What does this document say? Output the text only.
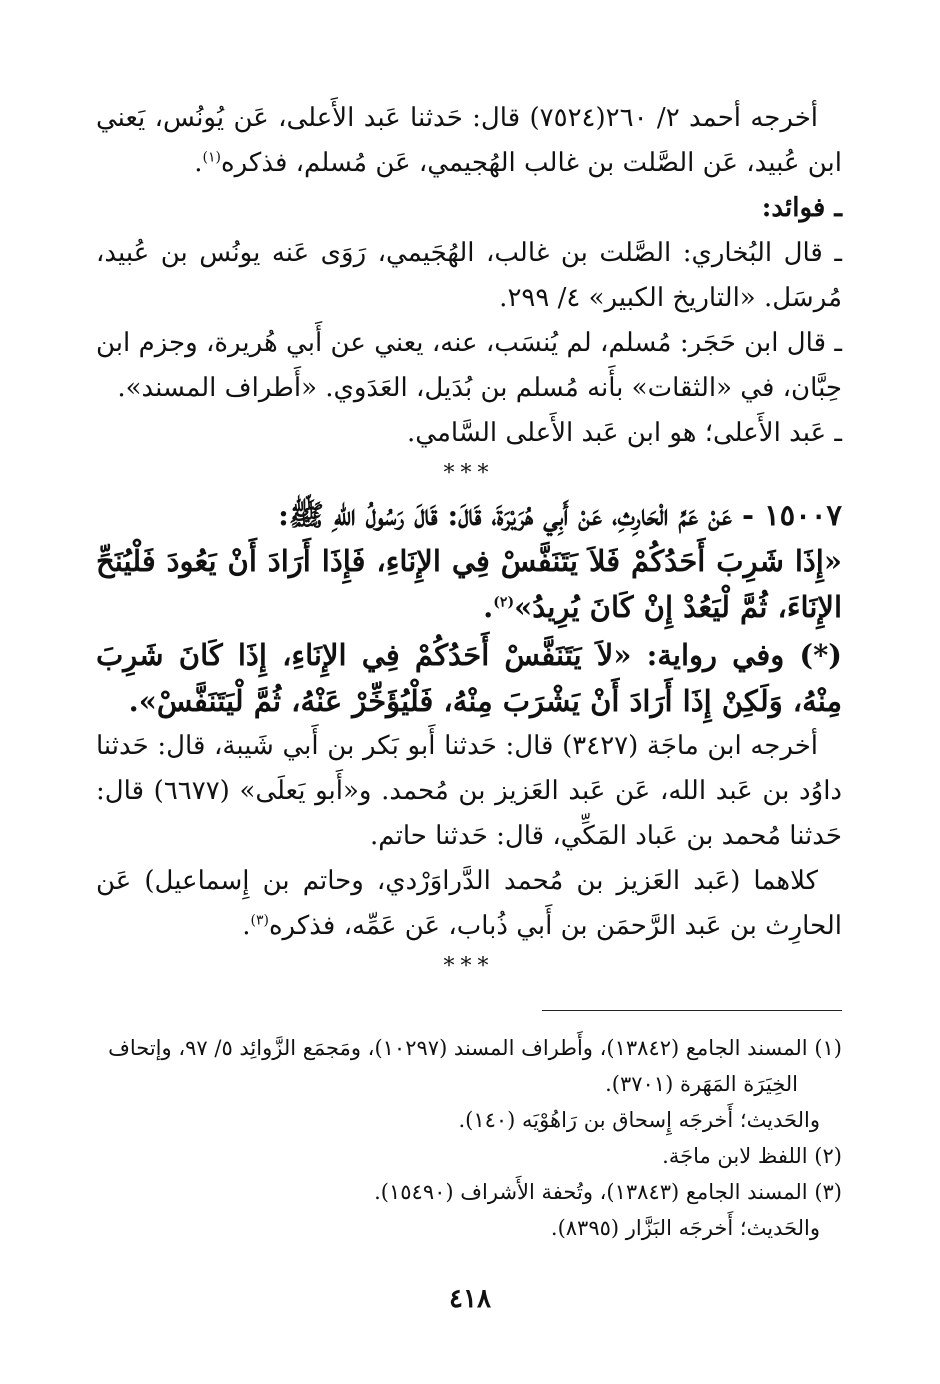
أخرجه أحمد ٢/ ٢٦٠(٧٥٢٤) قال: حَدثنا عَبد الأَعلى، عَن يُونُس، يَعني ابن عُبيد، عَن الصَّلت بن غالب الهُجيمي، عَن مُسلم، فذكره$^{(١)}$.

ـ فوائد:

ـ قال البُخاري: الصَّلت بن غالب، الهُجَيمي، رَوَى عَنه يونُس بن عُبيد، مُرسَل. «التاريخ الكبير» ٤/ ٢٩٩.

ـ قال ابن حَجَر: مُسلم، لم يُنسَب، عنه، يعني عن أَبي هُريرة، وجزم ابن حِبَّان، في «الثقات» بأَنه مُسلم بن بُدَيل، العَدَوي. «أَطراف المسند».

ـ عَبد الأَعلى؛ هو ابن عَبد الأَعلى السَّامي.

***

١٥٠٠٧ - عَنْ عَمِّ الْحَارِثِ، عَنْ أَبِي هُرَيْرَةَ، قَالَ: قَالَ رَسُولُ اللهِ ﷺ:

«إِذَا شَرِبَ أَحَدُكُمْ فَلاَ يَتَنَفَّسْ فِي الإِنَاءِ، فَإِذَا أَرَادَ أَنْ يَعُودَ فَلْيُنَحِّ الإِنَاءَ، ثُمَّ لْيَعُدْ إِنْ كَانَ يُرِيدُ»$^{(٢)}$.

(*) وفي رواية: «لاَ يَتَنَفَّسْ أَحَدُكُمْ فِي الإِنَاءِ، إِذَا كَانَ شَرِبَ مِنْهُ، وَلَكِنْ إِذَا أَرَادَ أَنْ يَشْرَبَ مِنْهُ، فَلْيُؤَخِّرْ عَنْهُ، ثُمَّ لْيَتَنَفَّسْ».

أخرجه ابن ماجَة (٣٤٢٧) قال: حَدثنا أَبو بَكر بن أَبي شَيبة، قال: حَدثنا داوُد بن عَبد الله، عَن عَبد العَزيز بن مُحمد. و«أَبو يَعلَى» (٦٦٧٧) قال: حَدثنا مُحمد بن عَباد المَكِّي، قال: حَدثنا حاتم.

كلاهما (عَبد العَزيز بن مُحمد الدَّراوَرْدي، وحاتم بن إِسماعيل) عَن الحارِث بن عَبد الرَّحمَن بن أَبي ذُباب، عَن عَمِّه، فذكره$^{(٣)}$.

***

(١) المسند الجامع (١٣٨٤٢)، وأَطراف المسند (١٠٢٩٧)، ومَجمَع الزَّوائِد ٥/ ٩٧، وإتحاف

الخِيَرَة المَهَرة (٣٧٠١).

والحَديث؛ أَخرجَه إِسحاق بن رَاهُوْيَه (١٤٠).

(٢) اللفظ لابن ماجَة.

(٣) المسند الجامع (١٣٨٤٣)، وتُحفة الأَشراف (١٥٤٩٠).

والحَديث؛ أَخرجَه البَزَّار (٨٣٩٥).

٤١٨
